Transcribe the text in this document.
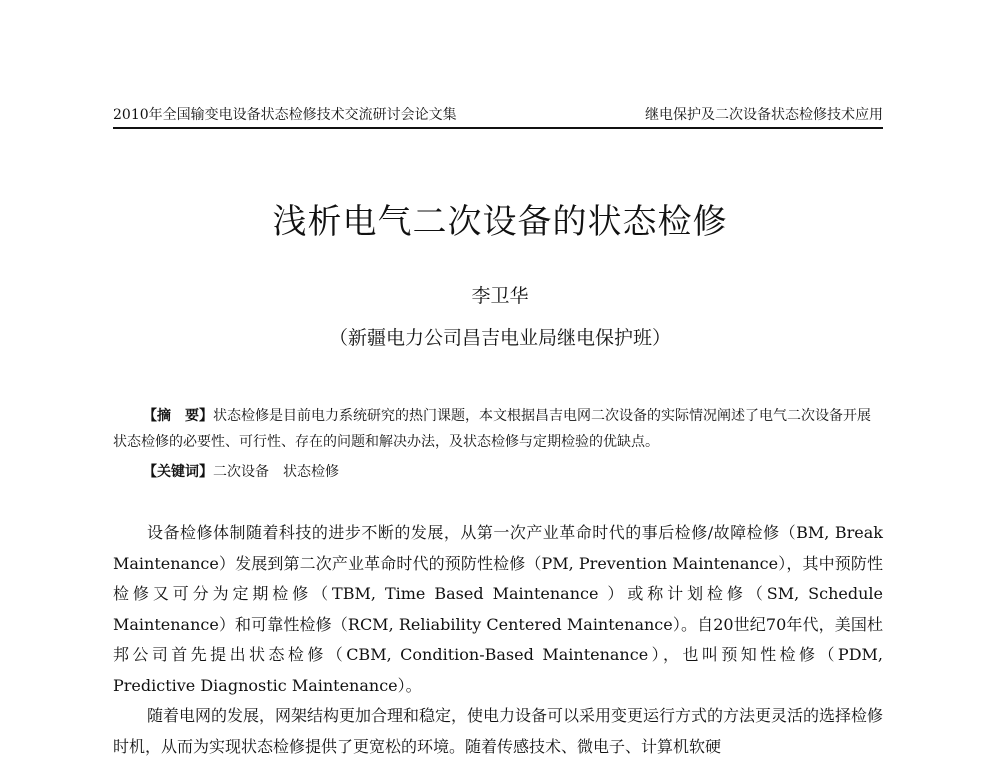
2010年全国输变电设备状态检修技术交流研讨会论文集	继电保护及二次设备状态检修技术应用
浅析电气二次设备的状态检修
李卫华
（新疆电力公司昌吉电业局继电保护班）
【摘　要】状态检修是目前电力系统研究的热门课题，本文根据昌吉电网二次设备的实际情况阐述了电气二次设备开展状态检修的必要性、可行性、存在的问题和解决办法，及状态检修与定期检验的优缺点。
【关键词】二次设备　状态检修

设备检修体制随着科技的进步不断的发展，从第一次产业革命时代的事后检修/故障检修（BM, Break Maintenance）发展到第二次产业革命时代的预防性检修（PM, Prevention Maintenance），其中预防性检修又可分为定期检修（TBM, Time Based Maintenance ）或称计划检修（SM, Schedule Maintenance）和可靠性检修（RCM, Reliability Centered Maintenance）。自20世纪70年代，美国杜邦公司首先提出状态检修（CBM, Condition-Based Maintenance），也叫预知性检修（PDM, Predictive Diagnostic Maintenance）。

随着电网的发展，网架结构更加合理和稳定，使电力设备可以采用变更运行方式的方法更灵活的选择检修时机，从而为实现状态检修提供了更宽松的环境。随着传感技术、微电子、计算机软硬
